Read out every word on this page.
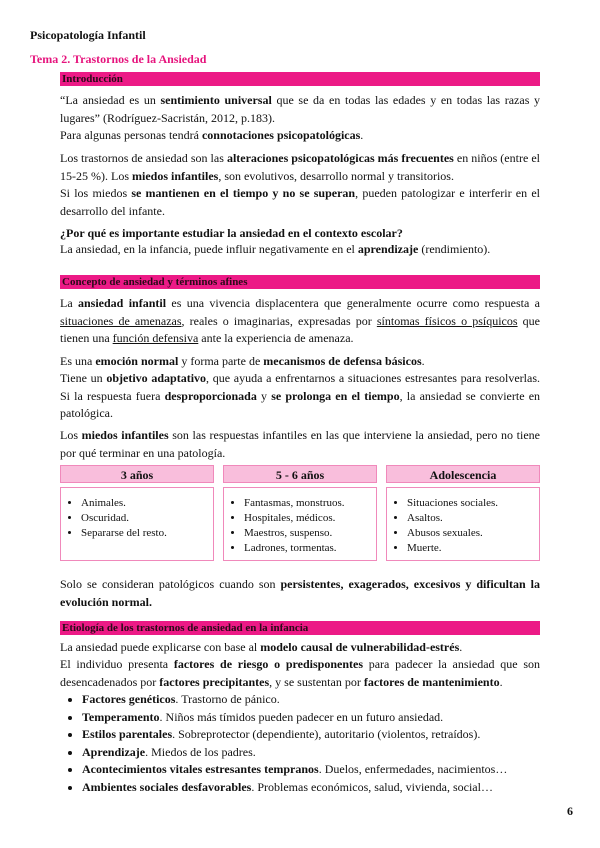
Psicopatología Infantil
Tema 2. Trastornos de la Ansiedad
Introducción

“La ansiedad es un sentimiento universal que se da en todas las edades y en todas las razas y lugares” (Rodríguez-Sacristán, 2012, p.183).

Para algunas personas tendrá connotaciones psicopatológicas.

Los trastornos de ansiedad son las alteraciones psicopatológicas más frecuentes en niños (entre el 15-25 %). Los miedos infantiles, son evolutivos, desarrollo normal y transitorios.

Si los miedos se mantienen en el tiempo y no se superan, pueden patologizar e interferir en el desarrollo del infante.

¿Por qué es importante estudiar la ansiedad en el contexto escolar?

La ansiedad, en la infancia, puede influir negativamente en el aprendizaje (rendimiento).

Concepto de ansiedad y términos afines

La ansiedad infantil es una vivencia displacentera que generalmente ocurre como respuesta a situaciones de amenazas, reales o imaginarias, expresadas por síntomas físicos o psíquicos que tienen una función defensiva ante la experiencia de amenaza.

Es una emoción normal y forma parte de mecanismos de defensa básicos.

Tiene un objetivo adaptativo, que ayuda a enfrentarnos a situaciones estresantes para resolverlas. Si la respuesta fuera desproporcionada y se prolonga en el tiempo, la ansiedad se convierte en patológica.

Los miedos infantiles son las respuestas infantiles en las que interviene la ansiedad, pero no tiene por qué terminar en una patología.

3 años
• Animales.
• Oscuridad.
• Separarse del resto.
5 - 6 años
• Fantasmas, monstruos.
• Hospitales, médicos.
• Maestros, suspenso.
• Ladrones, tormentas.
Adolescencia
• Situaciones sociales.
• Asaltos.
• Abusos sexuales.
• Muerte.

Solo se consideran patológicos cuando son persistentes, exagerados, excesivos y dificultan la evolución normal.

Etiología de los trastornos de ansiedad en la infancia

La ansiedad puede explicarse con base al modelo causal de vulnerabilidad-estrés.

El individuo presenta factores de riesgo o predisponentes para padecer la ansiedad que son desencadenados por factores precipitantes, y se sustentan por factores de mantenimiento.

• Factores genéticos. Trastorno de pánico.
• Temperamento. Niños más tímidos pueden padecer en un futuro ansiedad.
• Estilos parentales. Sobreprotector (dependiente), autoritario (violentos, retraídos).
• Aprendizaje. Miedos de los padres.
• Acontecimientos vitales estresantes tempranos. Duelos, enfermedades, nacimientos…
• Ambientes sociales desfavorables. Problemas económicos, salud, vivienda, social…
6
